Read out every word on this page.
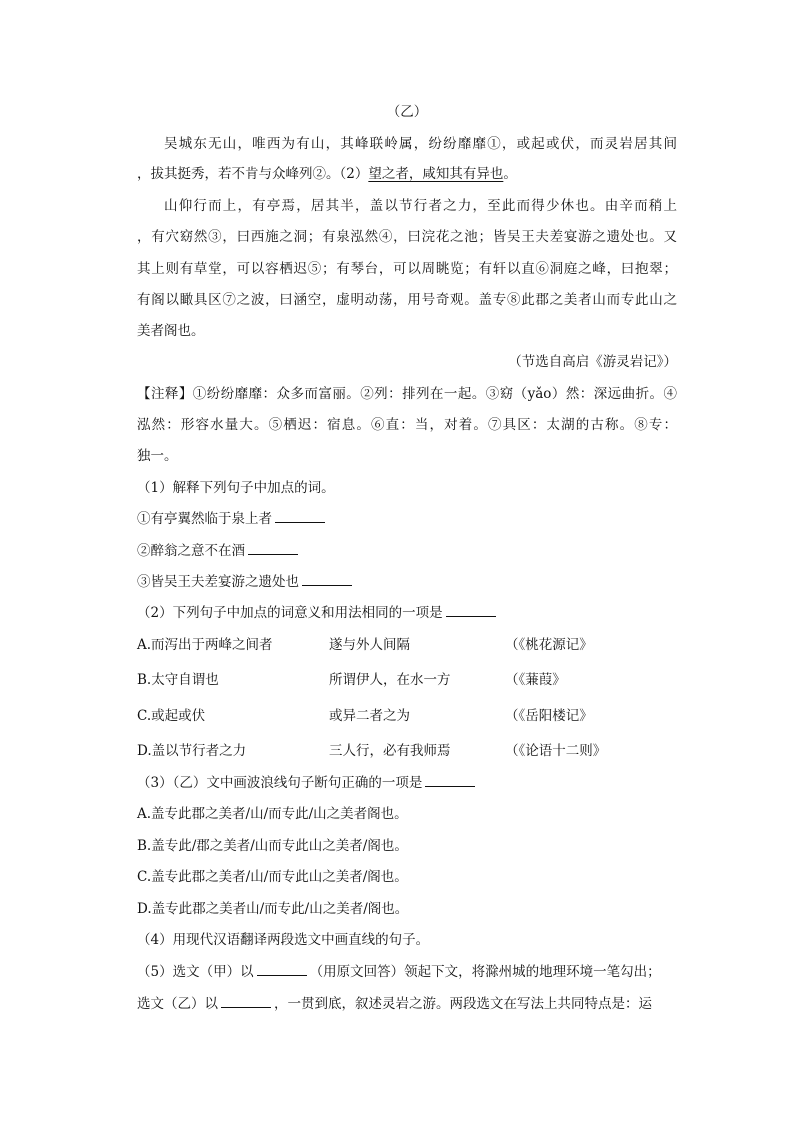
（乙）
吴城东无山，唯西为有山，其峰联岭属，纷纷靡靡①，或起或伏，而灵岩居其间
，拔其挺秀，若不肯与众峰列②。（2）望之者，咸知其有异也。
山仰行而上，有亭焉，居其半，盖以节行者之力，至此而得少休也。由辛而稍上
，有穴窈然③，曰西施之洞；有泉泓然④，曰浣花之池；皆吴王夫差宴游之遗处也。又
其上则有草堂，可以容栖迟⑤；有琴台，可以周眺览；有轩以直⑥洞庭之峰，曰抱翠；
有阁以瞰具区⑦之波，曰涵空，虚明动荡，用号奇观。盖专⑧此郡之美者山而专此山之
美者阁也。
（节选自高启《游灵岩记》）
【注释】①纷纷靡靡：众多而富丽。②列：排列在一起。③窈（yǎo）然：深远曲折。④
泓然：形容水量大。⑤栖迟：宿息。⑥直：当，对着。⑦具区：太湖的古称。⑧专：
独一。
（1）解释下列句子中加点的词。
①有亭翼然临于泉上者
②醉翁之意不在酒
③皆吴王夫差宴游之遗处也
（2）下列句子中加点的词意义和用法相同的一项是
A.而泻出于两峰之间者	遂与外人间隔	（《桃花源记》
B.太守自谓也	所谓伊人，在水一方	（《蒹葭》
C.或起或伏	或异二者之为	（《岳阳楼记》
D.盖以节行者之力	三人行，必有我师焉	（《论语十二则》
（3）（乙）文中画波浪线句子断句正确的一项是
A.盖专此郡之美者/山/而专此/山之美者阁也。
B.盖专此/郡之美者/山而专此山之美者/阁也。
C.盖专此郡之美者/山/而专此山之美者/阁也。
D.盖专此郡之美者山/而专此/山之美者/阁也。
（4）用现代汉语翻译两段选文中画直线的句子。
（5）选文（甲）以	（用原文回答）领起下文，将滁州城的地理环境一笔勾出；
选文（乙）以	，一贯到底，叙述灵岩之游。两段选文在写法上共同特点是：运
